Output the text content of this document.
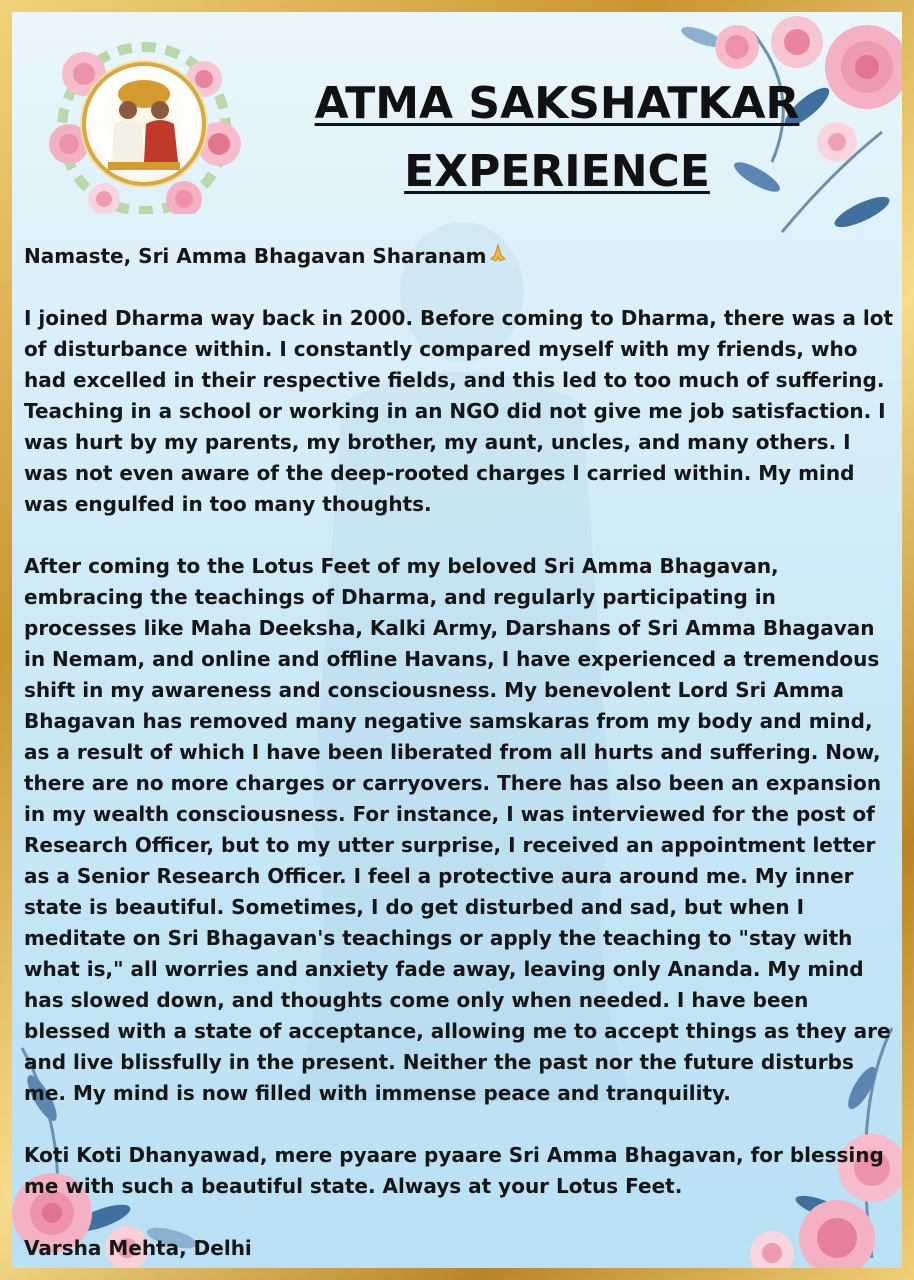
ATMA SAKSHATKAR
EXPERIENCE

Namaste, Sri Amma Bhagavan Sharanam

I joined Dharma way back in 2000. Before coming to Dharma, there was a lot of disturbance within. I constantly compared myself with my friends, who had excelled in their respective fields, and this led to too much of suffering. Teaching in a school or working in an NGO did not give me job satisfaction. I was hurt by my parents, my brother, my aunt, uncles, and many others. I was not even aware of the deep-rooted charges I carried within. My mind was engulfed in too many thoughts.

After coming to the Lotus Feet of my beloved Sri Amma Bhagavan, embracing the teachings of Dharma, and regularly participating in processes like Maha Deeksha, Kalki Army, Darshans of Sri Amma Bhagavan in Nemam, and online and offline Havans, I have experienced a tremendous shift in my awareness and consciousness. My benevolent Lord Sri Amma Bhagavan has removed many negative samskaras from my body and mind, as a result of which I have been liberated from all hurts and suffering. Now, there are no more charges or carryovers. There has also been an expansion in my wealth consciousness. For instance, I was interviewed for the post of Research Officer, but to my utter surprise, I received an appointment letter as a Senior Research Officer. I feel a protective aura around me. My inner state is beautiful. Sometimes, I do get disturbed and sad, but when I meditate on Sri Bhagavan's teachings or apply the teaching to "stay with what is," all worries and anxiety fade away, leaving only Ananda. My mind has slowed down, and thoughts come only when needed. I have been blessed with a state of acceptance, allowing me to accept things as they are and live blissfully in the present. Neither the past nor the future disturbs me. My mind is now filled with immense peace and tranquility.

Koti Koti Dhanyawad, mere pyaare pyaare Sri Amma Bhagavan, for blessing me with such a beautiful state. Always at your Lotus Feet.

Varsha Mehta, Delhi
